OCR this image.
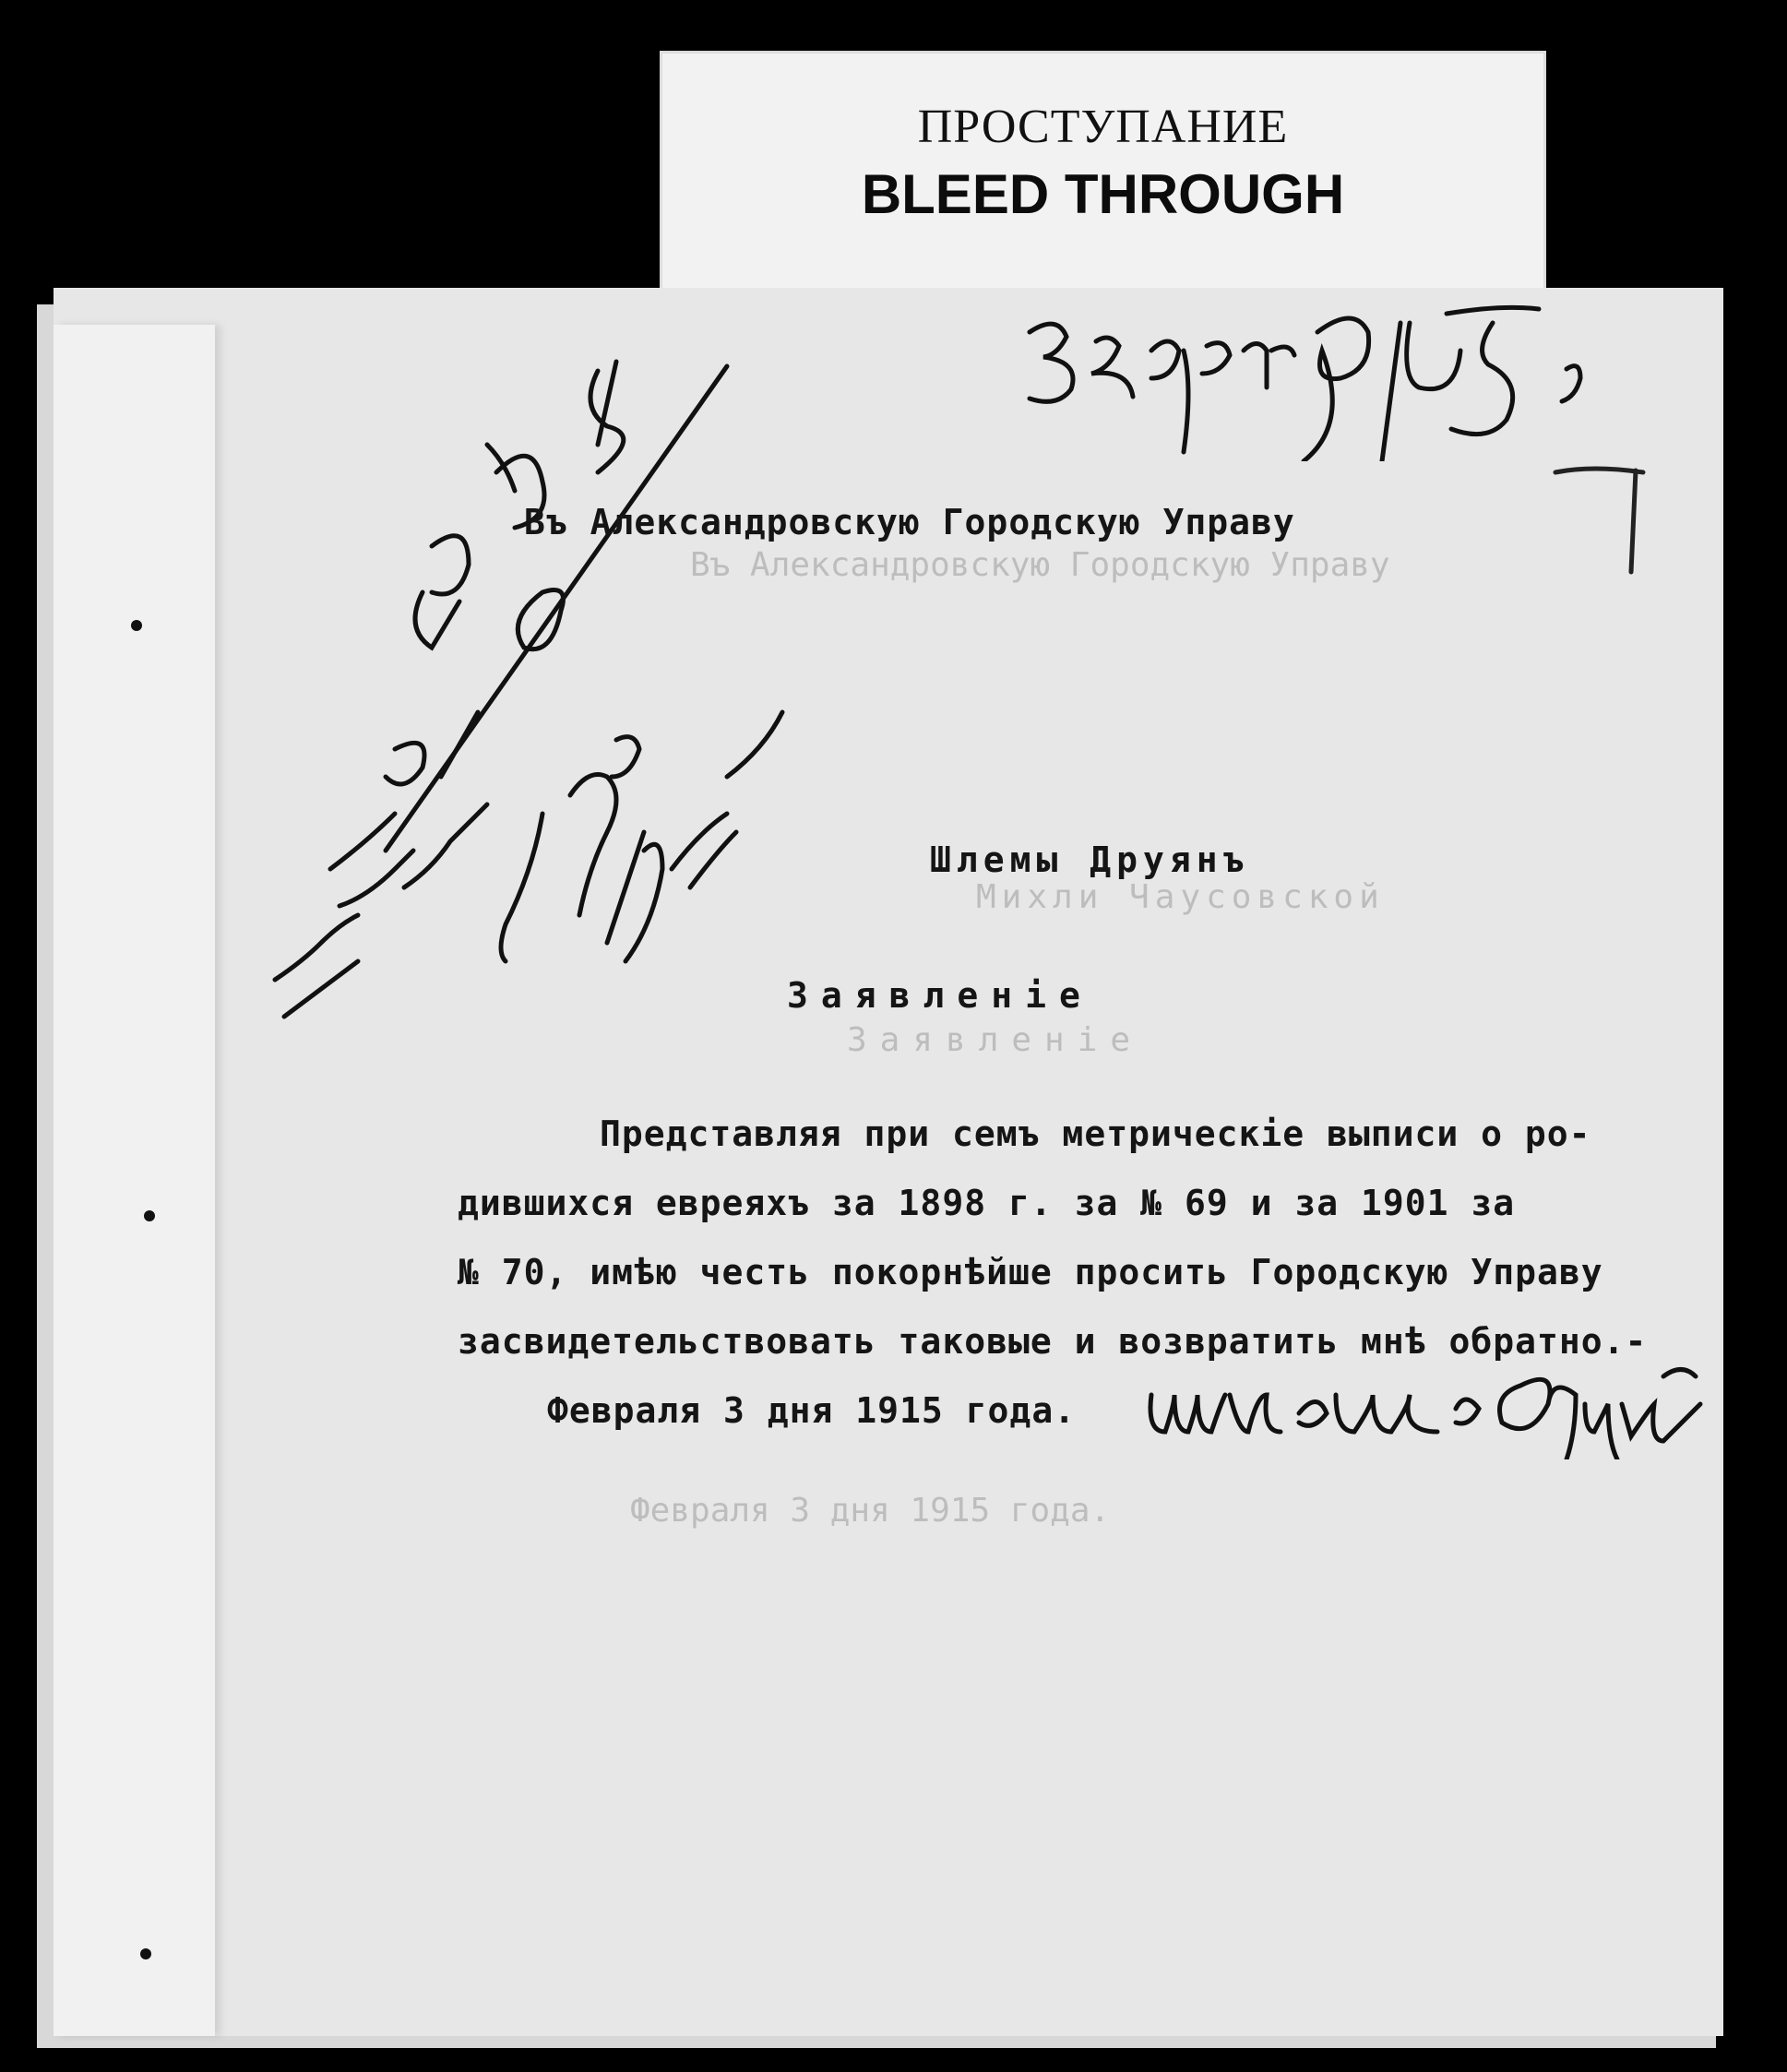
ПРОСТУПАНИЕ
BLEED THROUGH
Въ Александровскую Городскую Управу
Михли Чаусовской
Заявленiе
Февраля 3 дня 1915 года.
Въ Александровскую Городскую Управу
Шлемы Друянъ
Заявленiе
Представляя при семъ метрическiе выписи о ро-
дившихся евреяхъ за 1898 г. за № 69 и за 1901 за
№ 70, имѣю честь покорнѣйше просить Городскую Управу
засвидетельствовать таковые и возвратить мнѣ обратно.-
Февраля 3 дня 1915 года.
